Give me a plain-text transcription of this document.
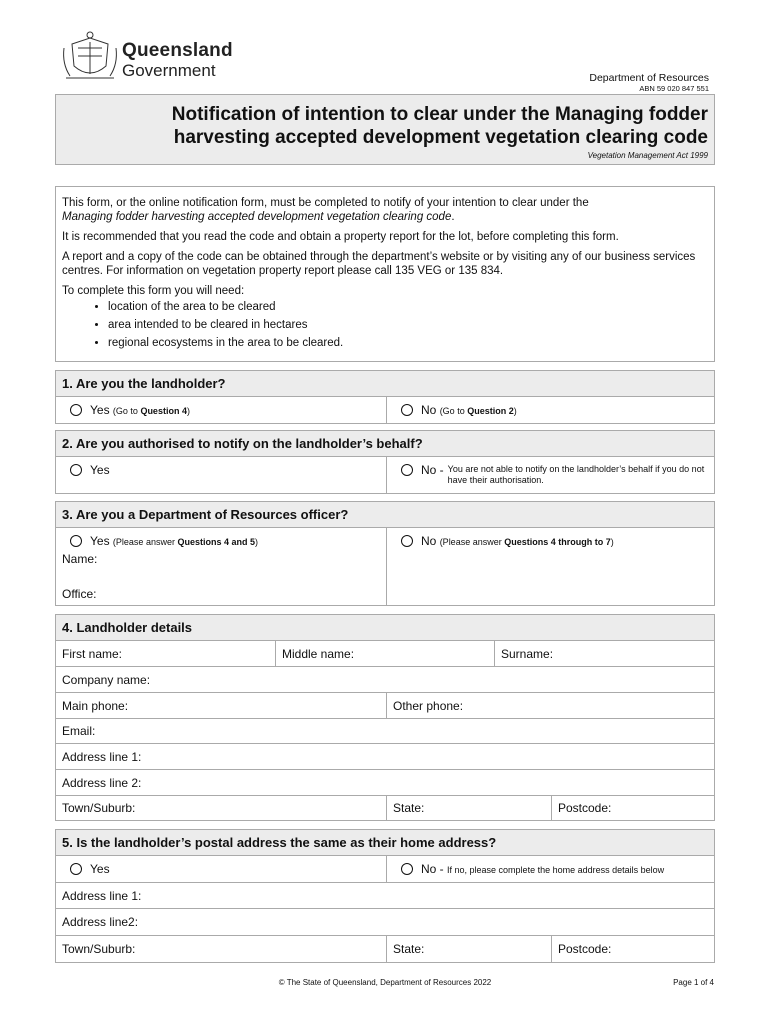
Queensland
Government	Department of Resources
ABN 59 020 847 551
Notification of intention to clear under the Managing fodder
harvesting accepted development vegetation clearing code
Vegetation Management Act 1999

This form, or the online notification form, must be completed to notify of your intention to clear under the
Managing fodder harvesting accepted development vegetation clearing code.

It is recommended that you read the code and obtain a property report for the lot, before completing this form.

A report and a copy of the code can be obtained through the department’s website or by visiting any of our business services centres. For information on vegetation property report please call 135 VEG or 135 834.

To complete this form you will need:

• location of the area to be cleared
• area intended to be cleared in hectares
• regional ecosystems in the area to be cleared.
1. Are you the landholder?
Yes (Go to Question 4)	No (Go to Question 2)
2. Are you authorised to notify on the landholder’s behalf?
Yes	No - You are not able to notify on the landholder’s behalf if you do not have their authorisation.
3. Are you a Department of Resources officer?
Yes (Please answer Questions 4 and 5)
Name:
Office:
No (Please answer Questions 4 through to 7)
4. Landholder details
First name:	Middle name:	Surname:
Company name:
Main phone:	Other phone:
Email:
Address line 1:
Address line 2:
Town/Suburb:	State:	Postcode:
5. Is the landholder’s postal address the same as their home address?
Yes	No - If no, please complete the home address details below
Address line 1:
Address line2:
Town/Suburb:	State:	Postcode:
© The State of Queensland, Department of Resources 2022	Page 1 of 4
